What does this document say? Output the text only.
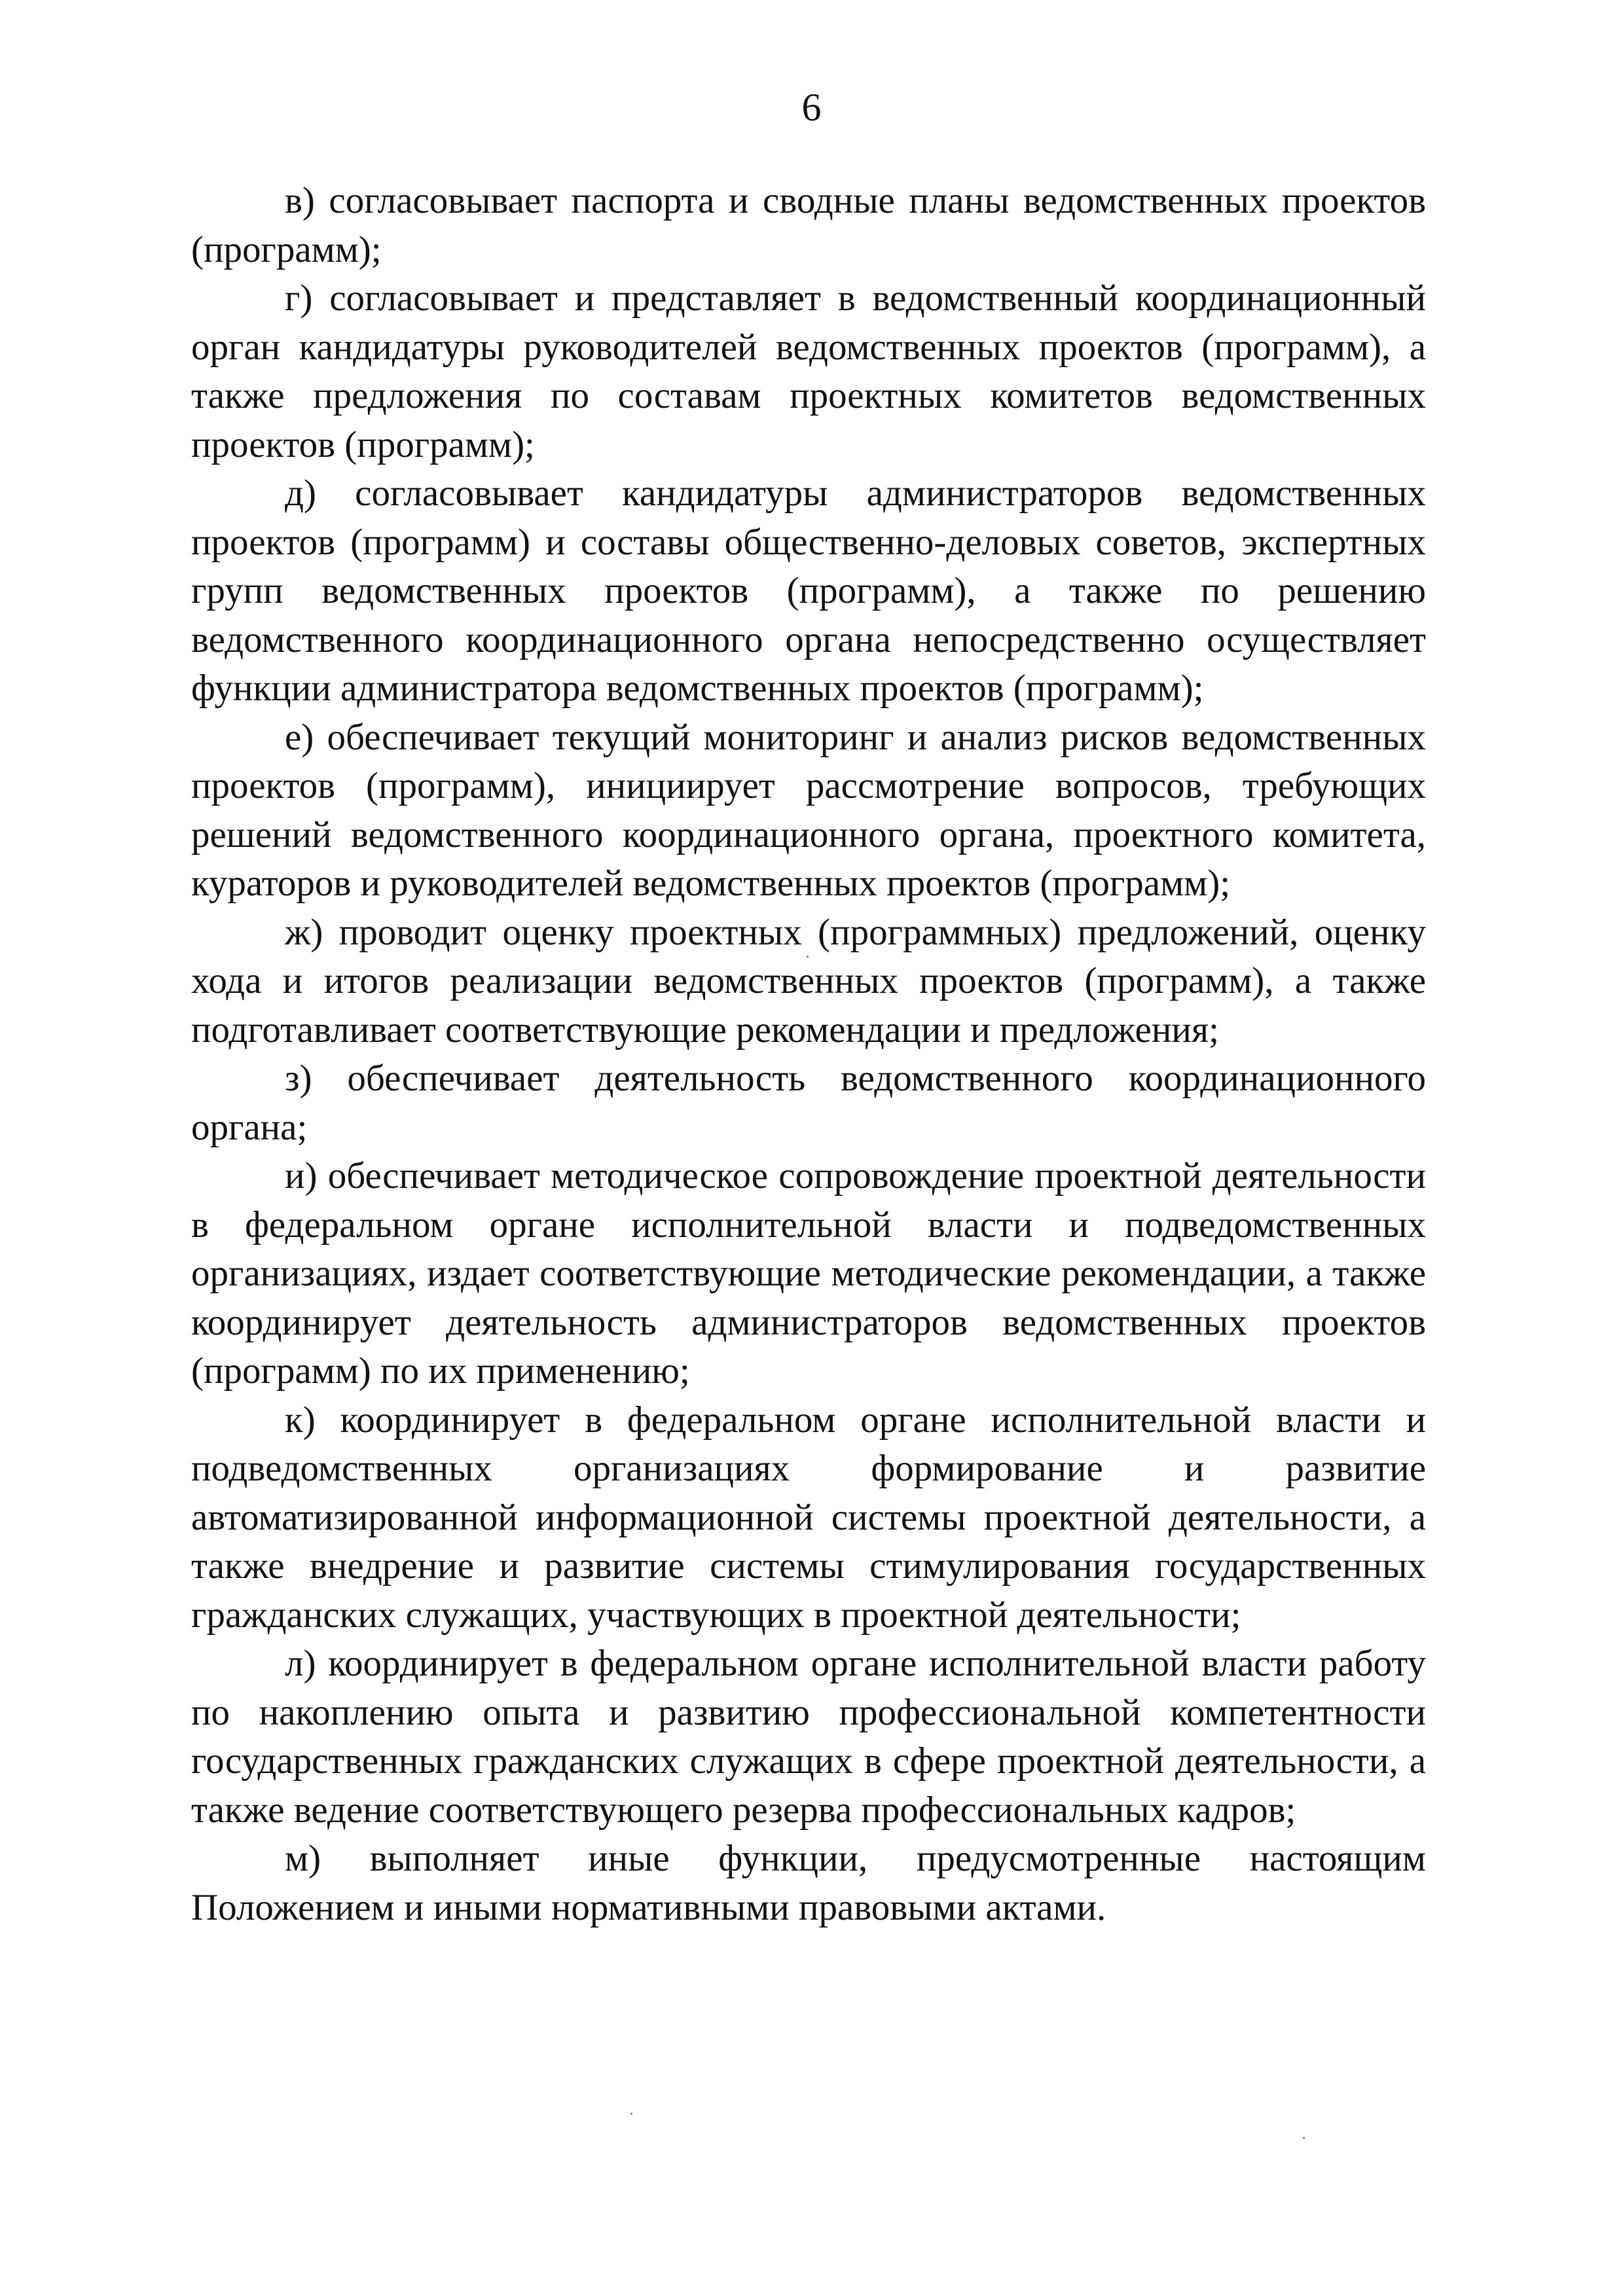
6

в) согласовывает паспорта и сводные планы ведомственных проектов (программ);

г) согласовывает и представляет в ведомственный координационный орган кандидатуры руководителей ведомственных проектов (программ), а также предложения по составам проектных комитетов ведомственных проектов (программ);

д) согласовывает кандидатуры администраторов ведомственных проектов (программ) и составы общественно-деловых советов, экспертных групп ведомственных проектов (программ), а также по решению ведомственного координационного органа непосредственно осуществляет функции администратора ведомственных проектов (программ);

е) обеспечивает текущий мониторинг и анализ рисков ведомственных проектов (программ), инициирует рассмотрение вопросов, требующих решений ведомственного координационного органа, проектного комитета, кураторов и руководителей ведомственных проектов (программ);

ж) проводит оценку проектных (программных) предложений, оценку хода и итогов реализации ведомственных проектов (программ), а также подготавливает соответствующие рекомендации и предложения;

з) обеспечивает деятельность ведомственного координационного органа;

и) обеспечивает методическое сопровождение проектной деятельности в федеральном органе исполнительной власти и подведомственных организациях, издает соответствующие методические рекомендации, а также координирует деятельность администраторов ведомственных проектов (программ) по их применению;

к) координирует в федеральном органе исполнительной власти и подведомственных организациях формирование и развитие автоматизированной информационной системы проектной деятельности, а также внедрение и развитие системы стимулирования государственных гражданских служащих, участвующих в проектной деятельности;

л) координирует в федеральном органе исполнительной власти работу по накоплению опыта и развитию профессиональной компетентности государственных гражданских служащих в сфере проектной деятельности, а также ведение соответствующего резерва профессиональных кадров;

м) выполняет иные функции, предусмотренные настоящим Положением и иными нормативными правовыми актами.
